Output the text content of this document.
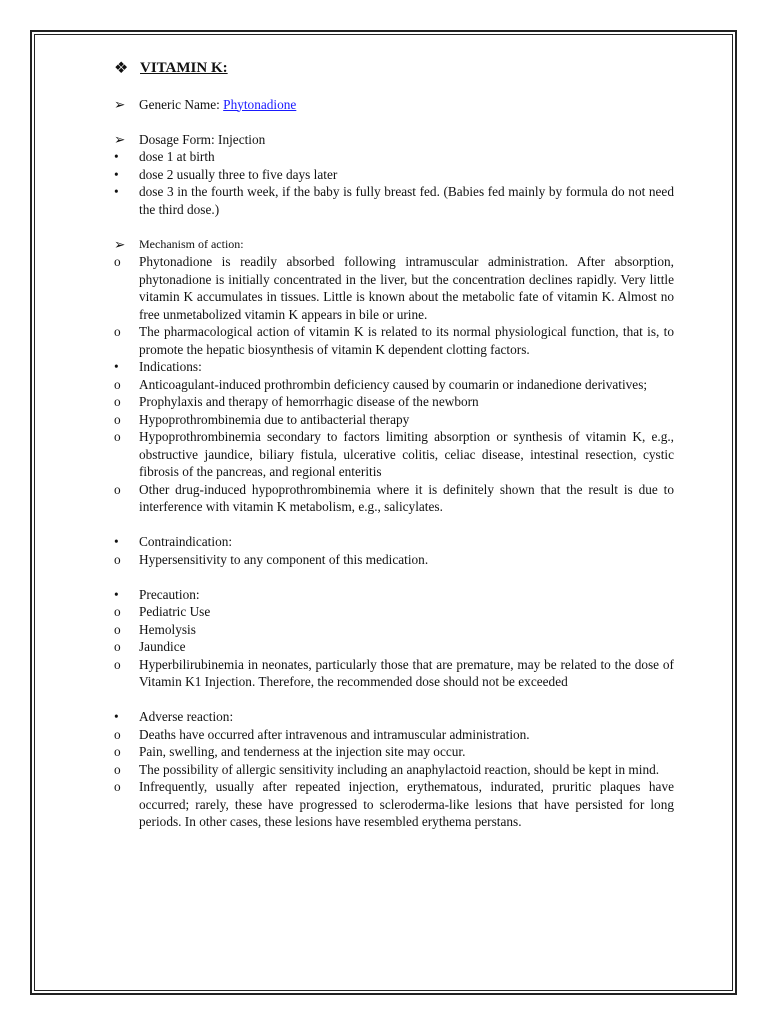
❖ VITAMIN K:
➢	Generic Name: Phytonadione
➢	Dosage Form: Injection
•	dose 1 at birth
•	dose 2 usually three to five days later
•	dose 3 in the fourth week, if the baby is fully breast fed. (Babies fed mainly by formula do not need the third dose.)
➢	Mechanism of action:
o	Phytonadione is readily absorbed following intramuscular administration. After absorption, phytonadione is initially concentrated in the liver, but the concentration declines rapidly. Very little vitamin K accumulates in tissues. Little is known about the metabolic fate of vitamin K. Almost no free unmetabolized vitamin K appears in bile or urine.
o	The pharmacological action of vitamin K is related to its normal physiological function, that is, to promote the hepatic biosynthesis of vitamin K dependent clotting factors.
•	Indications:
o	Anticoagulant-induced prothrombin deficiency caused by coumarin or indanedione derivatives;
o	Prophylaxis and therapy of hemorrhagic disease of the newborn
o	Hypoprothrombinemia due to antibacterial therapy
o	Hypoprothrombinemia secondary to factors limiting absorption or synthesis of vitamin K, e.g., obstructive jaundice, biliary fistula, ulcerative colitis, celiac disease, intestinal resection, cystic fibrosis of the pancreas, and regional enteritis
o	Other drug-induced hypoprothrombinemia where it is definitely shown that the result is due to interference with vitamin K metabolism, e.g., salicylates.
•	Contraindication:
o	Hypersensitivity to any component of this medication.
•	Precaution:
o	Pediatric Use
o	Hemolysis
o	Jaundice
o	Hyperbilirubinemia in neonates, particularly those that are premature, may be related to the dose of Vitamin K1 Injection. Therefore, the recommended dose should not be exceeded
•	Adverse reaction:
o	Deaths have occurred after intravenous and intramuscular administration.
o	Pain, swelling, and tenderness at the injection site may occur.
o	The possibility of allergic sensitivity including an anaphylactoid reaction, should be kept in mind.
o	Infrequently, usually after repeated injection, erythematous, indurated, pruritic plaques have occurred; rarely, these have progressed to scleroderma-like lesions that have persisted for long periods. In other cases, these lesions have resembled erythema perstans.
